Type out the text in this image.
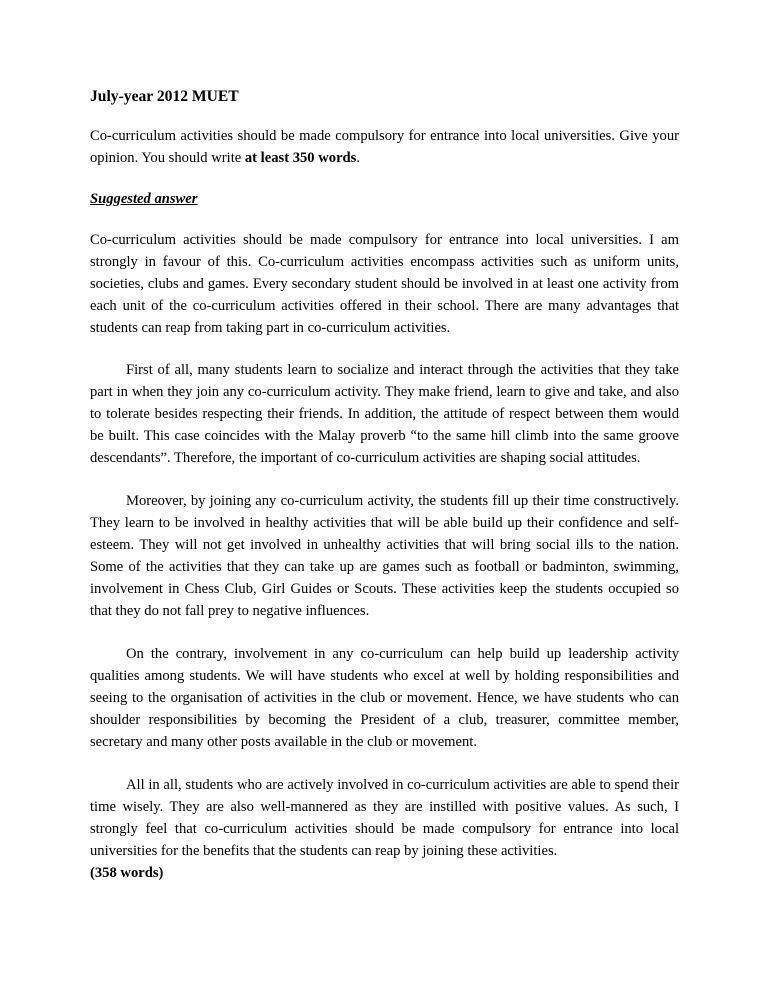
July-year 2012 MUET

Co-curriculum activities should be made compulsory for entrance into local universities. Give your opinion. You should write at least 350 words.

Suggested answer

Co-curriculum activities should be made compulsory for entrance into local universities. I am strongly in favour of this. Co-curriculum activities encompass activities such as uniform units, societies, clubs and games. Every secondary student should be involved in at least one activity from each unit of the co-curriculum activities offered in their school. There are many advantages that students can reap from taking part in co-curriculum activities.

First of all, many students learn to socialize and interact through the activities that they take part in when they join any co-curriculum activity. They make friend, learn to give and take, and also to tolerate besides respecting their friends. In addition, the attitude of respect between them would be built. This case coincides with the Malay proverb “to the same hill climb into the same groove descendants”. Therefore, the important of co-curriculum activities are shaping social attitudes.

Moreover, by joining any co-curriculum activity, the students fill up their time constructively. They learn to be involved in healthy activities that will be able build up their confidence and self-esteem. They will not get involved in unhealthy activities that will bring social ills to the nation. Some of the activities that they can take up are games such as football or badminton, swimming, involvement in Chess Club, Girl Guides or Scouts. These activities keep the students occupied so that they do not fall prey to negative influences.

On the contrary, involvement in any co-curriculum can help build up leadership activity qualities among students. We will have students who excel at well by holding responsibilities and seeing to the organisation of activities in the club or movement. Hence, we have students who can shoulder responsibilities by becoming the President of a club, treasurer, committee member, secretary and many other posts available in the club or movement.

All in all, students who are actively involved in co-curriculum activities are able to spend their time wisely. They are also well-mannered as they are instilled with positive values. As such, I strongly feel that co-curriculum activities should be made compulsory for entrance into local universities for the benefits that the students can reap by joining these activities.

(358 words)
